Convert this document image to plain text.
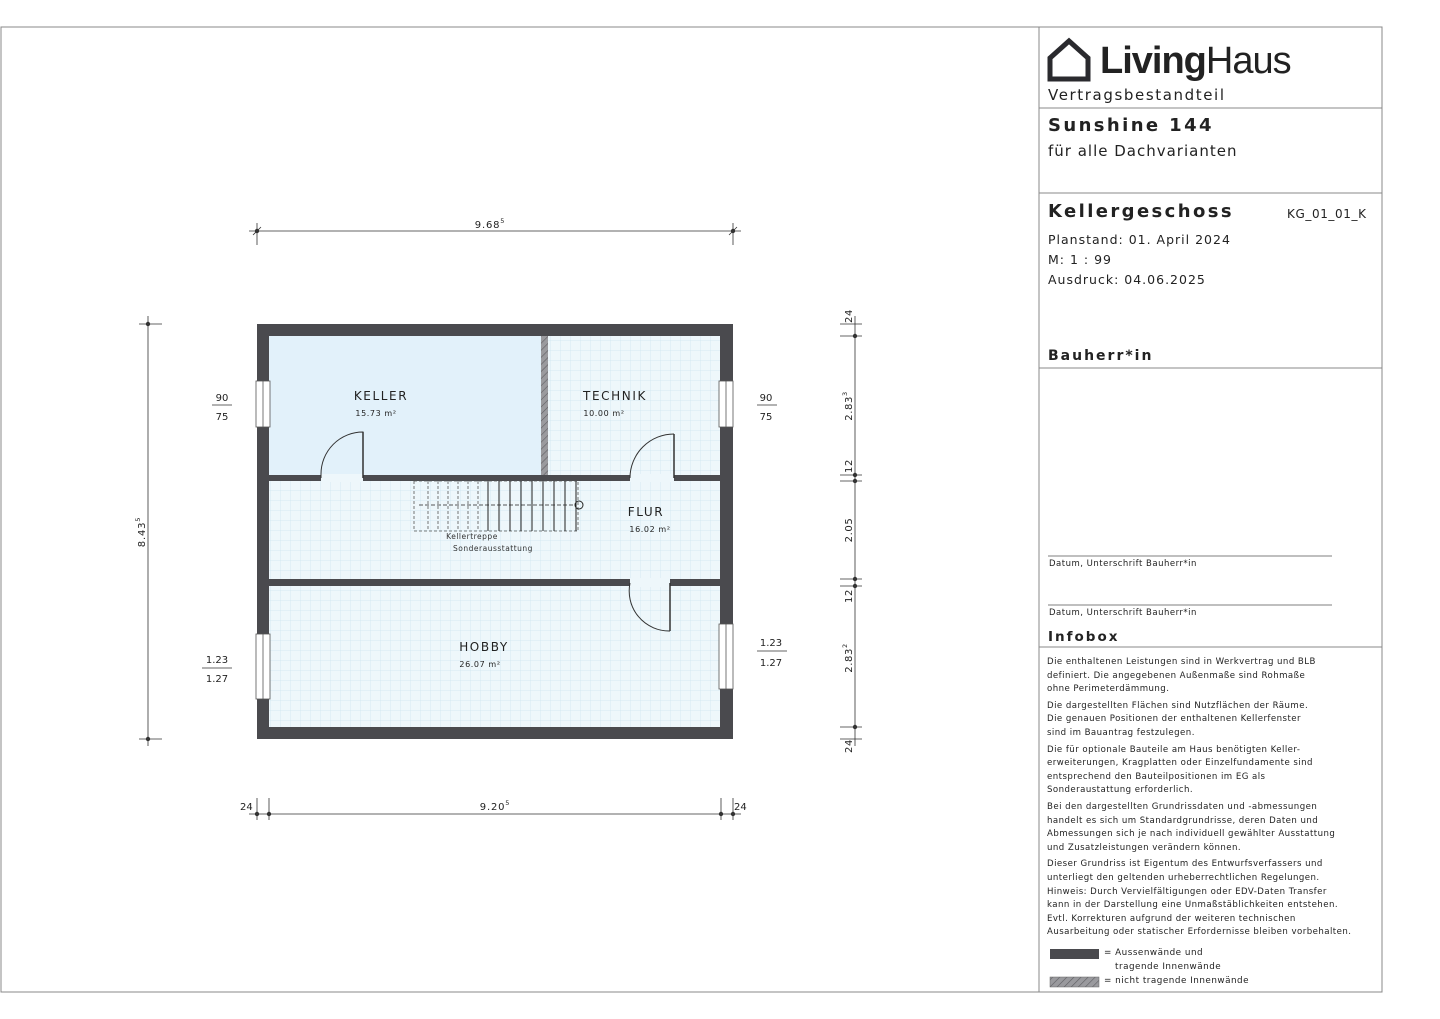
KELLER
15.73 m²
TECHNIK
10.00 m²
FLUR
16.02 m²
Kellertreppe
Sonderausstattung
HOBBY
26.07 m²
9.68$^5$
9.20$^5$
24	24
8.43$^5$
24
2.83$^3$
12
2.05
12
2.83$^2$
24
90
75
90
75
1.23
1.27
1.23
1.27
LivingHaus
Vertragsbestandteil
Sunshine 144
für alle Dachvarianten
Kellergeschoss	KG_01_01_K
Planstand: 01. April 2024
M: 1 : 99
Ausdruck: 04.06.2025
Bauherr*in
Datum, Unterschrift Bauherr*in
Datum, Unterschrift Bauherr*in
Infobox

Die enthaltenen Leistungen sind in Werkvertrag und BLB
definiert. Die angegebenen Außenmaße sind Rohmaße
ohne Perimeterdämmung.

Die dargestellten Flächen sind Nutzflächen der Räume.
Die genauen Positionen der enthaltenen Kellerfenster
sind im Bauantrag festzulegen.

Die für optionale Bauteile am Haus benötigten Keller-
erweiterungen, Kragplatten oder Einzelfundamente sind
entsprechend den Bauteilpositionen im EG als
Sonderaustattung erforderlich.

Bei den dargestellten Grundrissdaten und -abmessungen
handelt es sich um Standardgrundrisse, deren Daten und
Abmessungen sich je nach individuell gewählter Ausstattung
und Zusatzleistungen verändern können.

Dieser Grundriss ist Eigentum des Entwurfsverfassers und
unterliegt den geltenden urheberrechtlichen Regelungen.
Hinweis: Durch Vervielfältigungen oder EDV-Daten Transfer
kann in der Darstellung eine Unmaßstäblichkeiten entstehen.
Evtl. Korrekturen aufgrund der weiteren technischen
Ausarbeitung oder statischer Erfordernisse bleiben vorbehalten.

= Aussenwände und
tragende Innenwände
= nicht tragende Innenwände
